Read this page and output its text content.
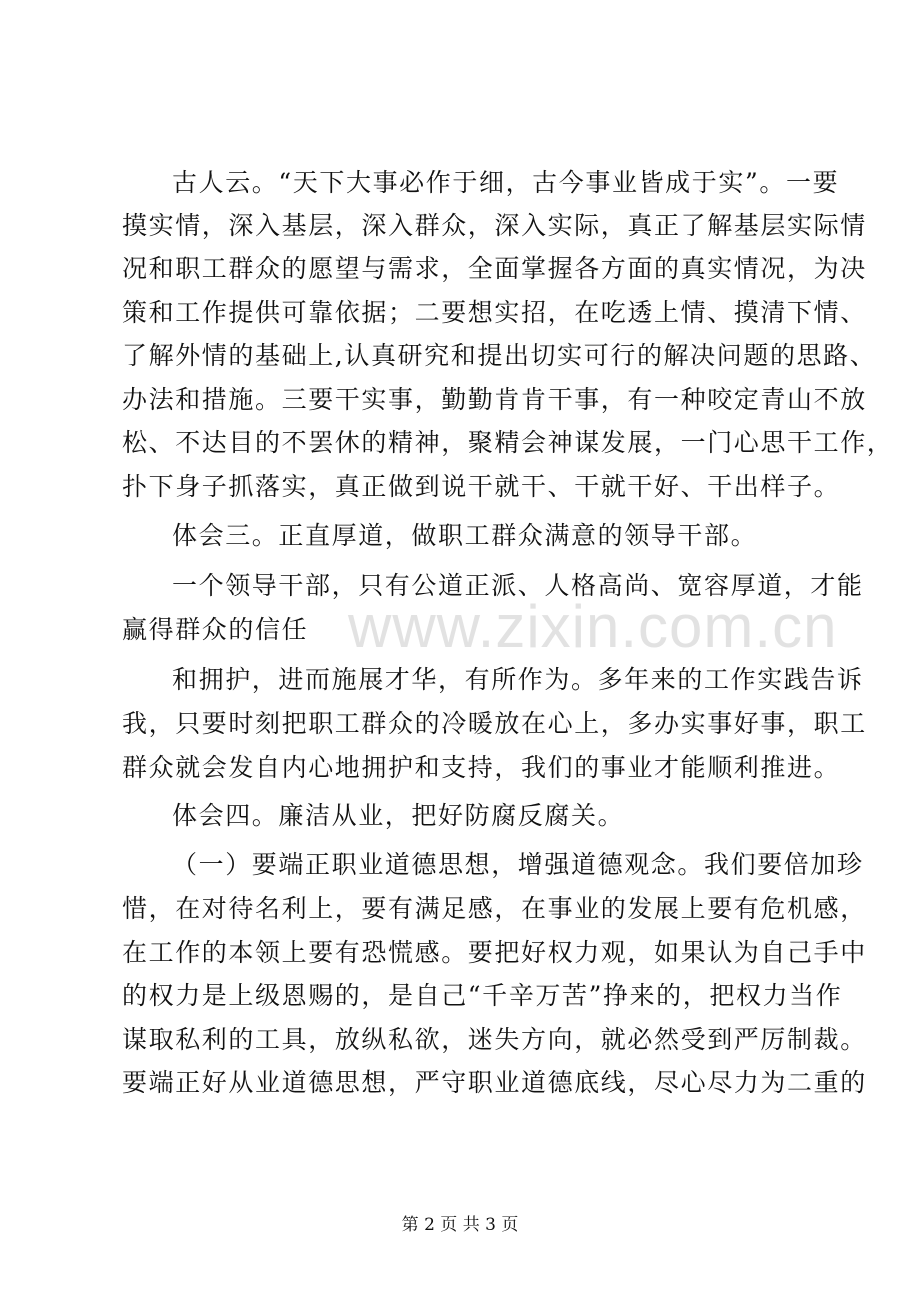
www.zixin.com.cn
古人云。“天下大事必作于细，古今事业皆成于实”。一要
摸实情，深入基层，深入群众，深入实际，真正了解基层实际情
况和职工群众的愿望与需求，全面掌握各方面的真实情况，为决
策和工作提供可靠依据；二要想实招，在吃透上情、摸清下情、
了解外情的基础上,认真研究和提出切实可行的解决问题的思路、
办法和措施。三要干实事，勤勤肯肯干事，有一种咬定青山不放
松、不达目的不罢休的精神，聚精会神谋发展，一门心思干工作，
扑下身子抓落实，真正做到说干就干、干就干好、干出样子。
体会三。正直厚道，做职工群众满意的领导干部。
一个领导干部，只有公道正派、人格高尚、宽容厚道，才能
赢得群众的信任
和拥护，进而施展才华，有所作为。多年来的工作实践告诉
我，只要时刻把职工群众的冷暖放在心上，多办实事好事，职工
群众就会发自内心地拥护和支持，我们的事业才能顺利推进。
体会四。廉洁从业，把好防腐反腐关。
（一）要端正职业道德思想，增强道德观念。我们要倍加珍
惜，在对待名利上，要有满足感，在事业的发展上要有危机感，
在工作的本领上要有恐慌感。要把好权力观，如果认为自己手中
的权力是上级恩赐的，是自己“千辛万苦”挣来的，把权力当作
谋取私利的工具，放纵私欲，迷失方向，就必然受到严厉制裁。
要端正好从业道德思想，严守职业道德底线，尽心尽力为二重的
第 2 页 共 3 页
